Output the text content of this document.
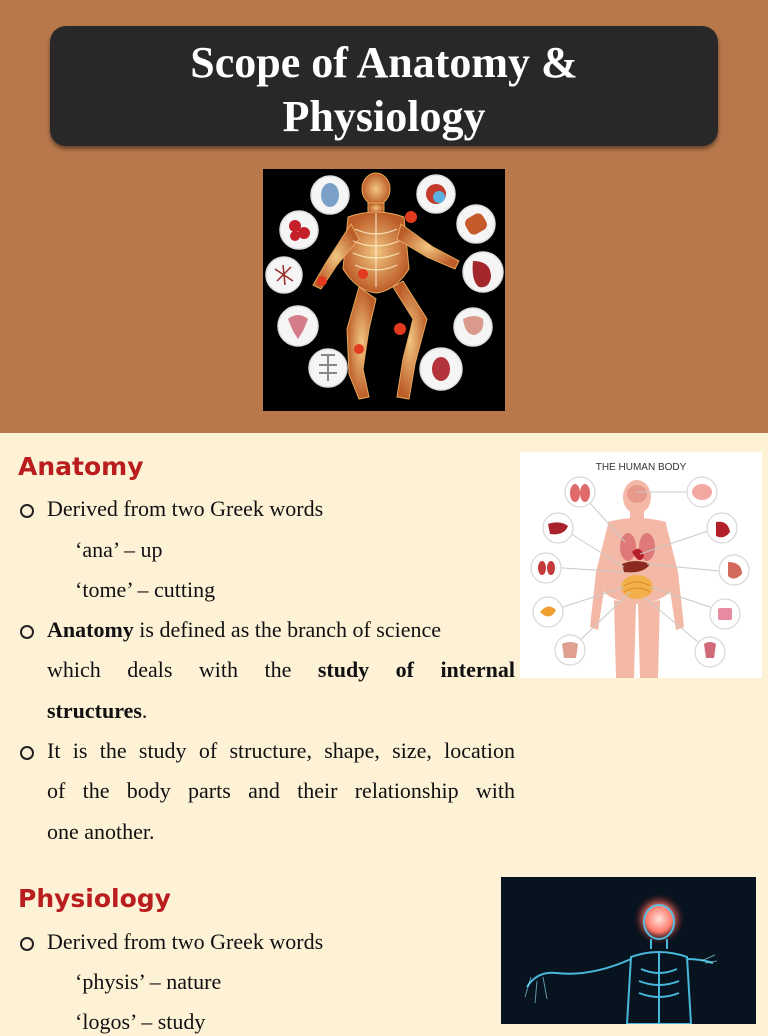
Scope of Anatomy &
Physiology
Anatomy
Derived from two Greek words
‘ana’ – up
‘tome’ – cutting
Anatomy is defined as the branch of science
which deals with the study of internal
structures.
It is the study of structure, shape, size, location
of the body parts and their relationship with
one another.
THE HUMAN BODY
Physiology
Derived from two Greek words
‘physis’ – nature
‘logos’ – study
